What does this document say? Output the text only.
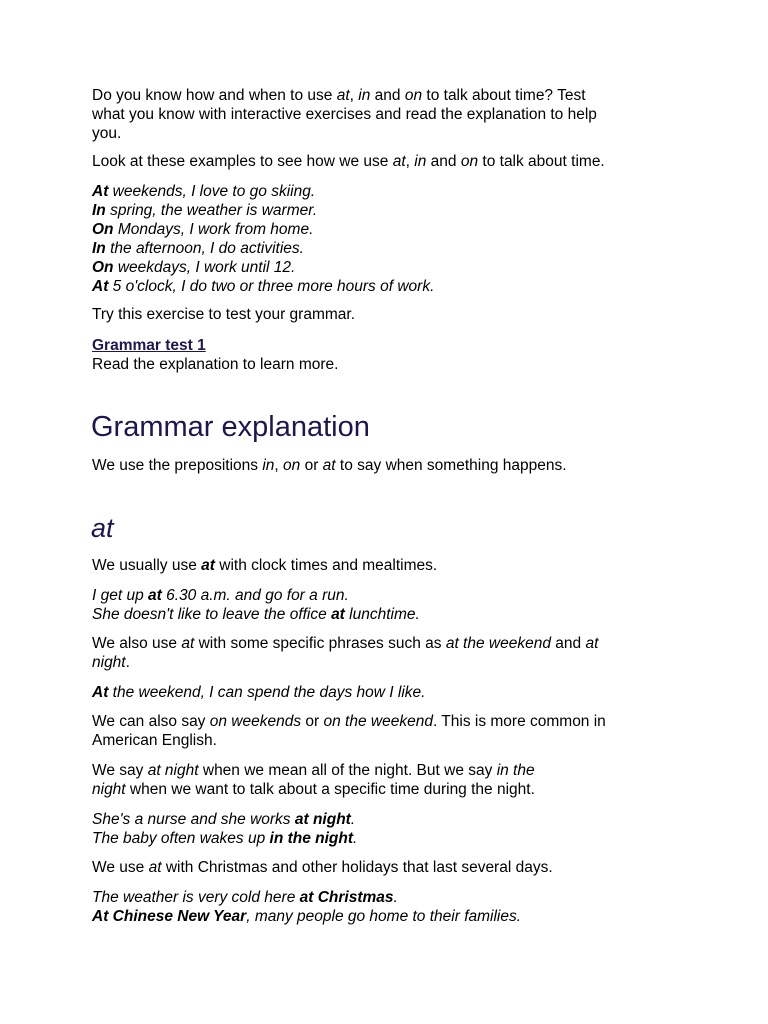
Do you know how and when to use at, in and on to talk about time? Test
what you know with interactive exercises and read the explanation to help
you.
Look at these examples to see how we use at, in and on to talk about time.
At weekends, I love to go skiing.
In spring, the weather is warmer.
On Mondays, I work from home.
In the afternoon, I do activities.
On weekdays, I work until 12.
At 5 o'clock, I do two or three more hours of work.
Try this exercise to test your grammar.
Grammar test 1
Read the explanation to learn more.
Grammar explanation
We use the prepositions in, on or at to say when something happens.
at
We usually use at with clock times and mealtimes.
I get up at 6.30 a.m. and go for a run.
She doesn't like to leave the office at lunchtime.
We also use at with some specific phrases such as at the weekend and at
night.
At the weekend, I can spend the days how I like.
We can also say on weekends or on the weekend. This is more common in
American English.
We say at night when we mean all of the night. But we say in the
night when we want to talk about a specific time during the night.
She's a nurse and she works at night.
The baby often wakes up in the night.
We use at with Christmas and other holidays that last several days.
The weather is very cold here at Christmas.
At Chinese New Year, many people go home to their families.
